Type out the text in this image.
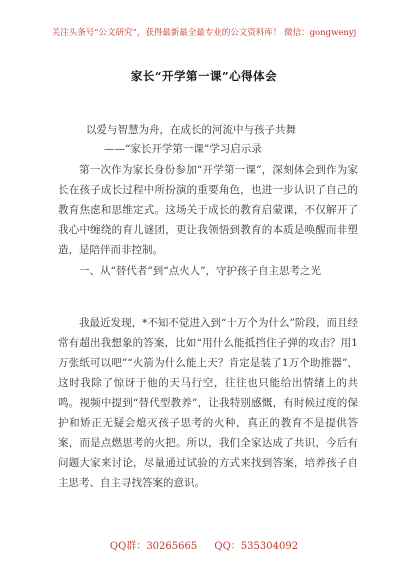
关注头条号“公文研究”，获得最新最全最专业的公文资料库！ 微信：gongwenyj
家长“开学第一课”心得体会
以爱与智慧为舟，在成长的河流中与孩子共舞
——“家长开学第一课”学习启示录

第一次作为家长身份参加“开学第一课”，深刻体会到作为家长在孩子成长过程中所扮演的重要角色，也进一步认识了自己的教育焦虑和思维定式。这场关于成长的教育启蒙课，不仅解开了我心中缠绕的育儿谜团，更让我领悟到教育的本质是唤醒而非塑造，是陪伴而非控制。

一、从“替代者”到“点火人”，守护孩子自主思考之光

我最近发现，*不知不觉进入到“十万个为什么”阶段，而且经常有超出我想象的答案，比如“用什么能抵挡住子弹的攻击？用1万张纸可以吧”“火箭为什么能上天？肯定是装了1万个助推器”，这时我除了惊讶于他的天马行空，往往也只能给出情绪上的共鸣。视频中提到“替代型教养”，让我特别感慨，有时候过度的保护和矫正无疑会熄灭孩子思考的火种，真正的教育不是提供答案，而是点燃思考的火把。所以，我们全家达成了共识，今后有问题大家来讨论，尽量通过试验的方式来找到答案，培养孩子自主思考、自主寻找答案的意识。

QQ群：30265665 QQ：535304092
